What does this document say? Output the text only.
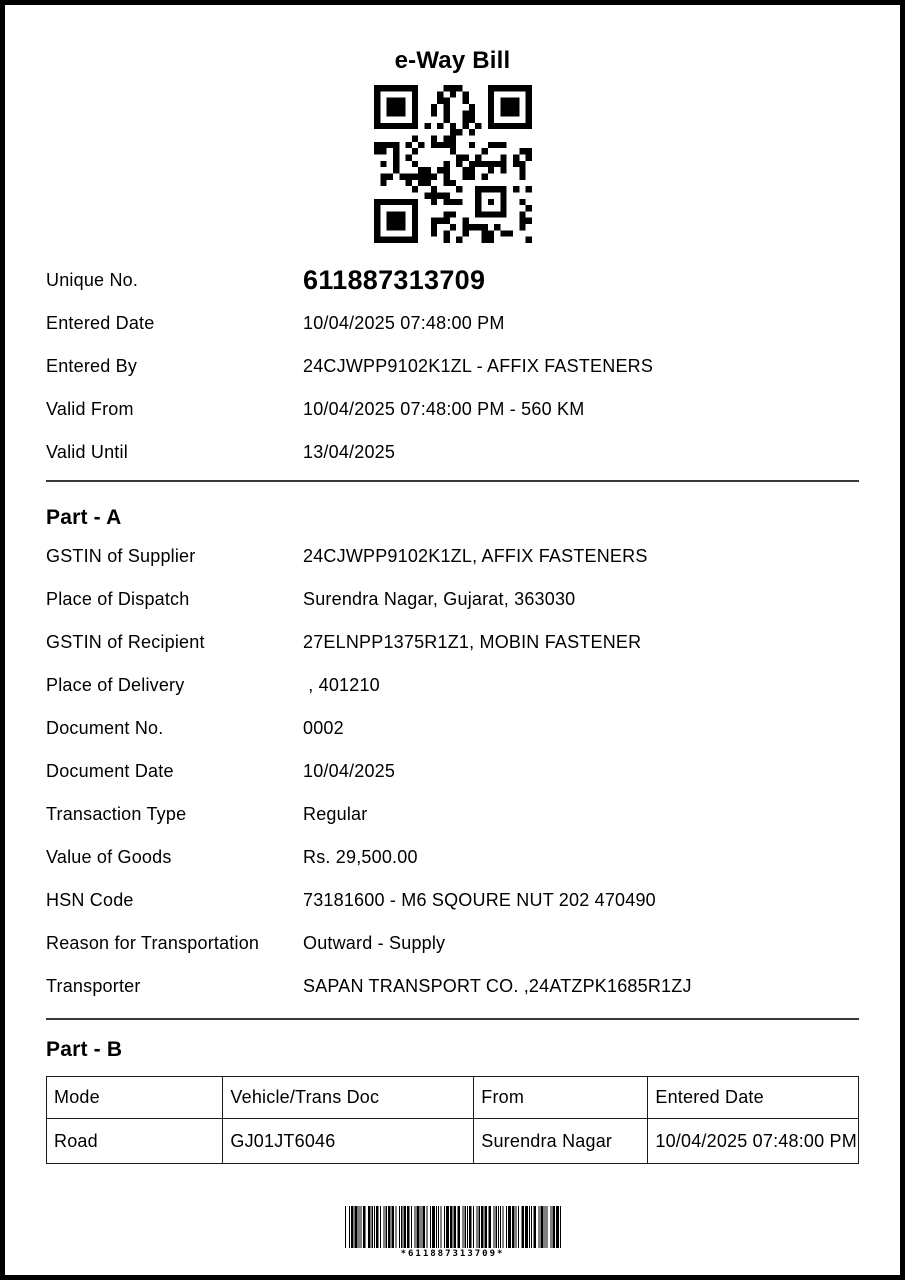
e-Way Bill
Unique No.	611887313709
Entered Date	10/04/2025 07:48:00 PM
Entered By	24CJWPP9102K1ZL - AFFIX FASTENERS
Valid From	10/04/2025 07:48:00 PM - 560 KM
Valid Until	13/04/2025
Part - A
GSTIN of Supplier	24CJWPP9102K1ZL, AFFIX FASTENERS
Place of Dispatch	Surendra Nagar, Gujarat, 363030
GSTIN of Recipient	27ELNPP1375R1Z1, MOBIN FASTENER
Place of Delivery	, 401210
Document No.	0002
Document Date	10/04/2025
Transaction Type	Regular
Value of Goods	Rs. 29,500.00
HSN Code	73181600 - M6 SQOURE NUT 202 470490
Reason for Transportation	Outward - Supply
Transporter	SAPAN TRANSPORT CO. ,24ATZPK1685R1ZJ
Part - B
Mode	Vehicle/Trans Doc	From	Entered Date
Road	GJ01JT6046	Surendra Nagar	10/04/2025 07:48:00 PM
*611887313709*
